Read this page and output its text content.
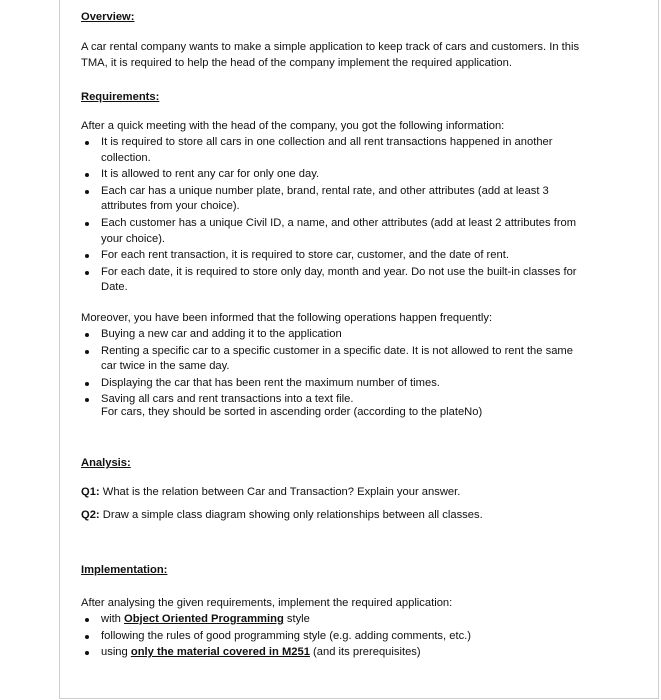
Overview:
A car rental company wants to make a simple application to keep track of cars and customers. In this TMA, it is required to help the head of the company implement the required application.
Requirements:
After a quick meeting with the head of the company, you got the following information:
It is required to store all cars in one collection and all rent transactions happened in another collection.
It is allowed to rent any car for only one day.
Each car has a unique number plate, brand, rental rate, and other attributes (add at least 3 attributes from your choice).
Each customer has a unique Civil ID, a name, and other attributes (add at least 2 attributes from your choice).
For each rent transaction, it is required to store car, customer, and the date of rent.
For each date, it is required to store only day, month and year. Do not use the built-in classes for Date.
Moreover, you have been informed that the following operations happen frequently:
Buying a new car and adding it to the application
Renting a specific car to a specific customer in a specific date. It is not allowed to rent the same car twice in the same day.
Displaying the car that has been rent the maximum number of times.
Saving all cars and rent transactions into a text file.
For cars, they should be sorted in ascending order (according to the plateNo)
Analysis:
Q1: What is the relation between Car and Transaction? Explain your answer.
Q2: Draw a simple class diagram showing only relationships between all classes.
Implementation:
After analysing the given requirements, implement the required application:
with Object Oriented Programming style
following the rules of good programming style (e.g. adding comments, etc.)
using only the material covered in M251 (and its prerequisites)
